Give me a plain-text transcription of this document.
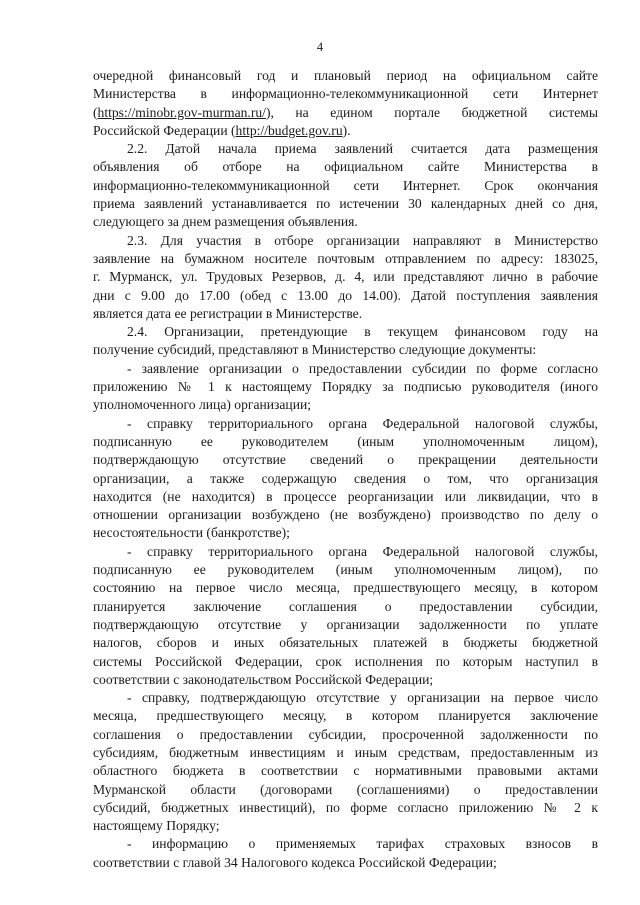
4
очередной финансовый год и плановый период на официальном сайте
Министерства в информационно-телекоммуникационной сети Интернет
(https://minobr.gov-murman.ru/), на едином портале бюджетной системы
Российской Федерации (http://budget.gov.ru).
2.2. Датой начала приема заявлений считается дата размещения
объявления об отборе на официальном сайте Министерства в
информационно-телекоммуникационной сети Интернет. Срок окончания
приема заявлений устанавливается по истечении 30 календарных дней со дня,
следующего за днем размещения объявления.
2.3. Для участия в отборе организации направляют в Министерство
заявление на бумажном носителе почтовым отправлением по адресу: 183025,
г. Мурманск, ул. Трудовых Резервов, д. 4, или представляют лично в рабочие
дни с 9.00 до 17.00 (обед с 13.00 до 14.00). Датой поступления заявления
является дата ее регистрации в Министерстве.
2.4. Организации, претендующие в текущем финансовом году на
получение субсидий, представляют в Министерство следующие документы:
- заявление организации о предоставлении субсидии по форме согласно
приложению № 1 к настоящему Порядку за подписью руководителя (иного
уполномоченного лица) организации;
- справку территориального органа Федеральной налоговой службы,
подписанную ее руководителем (иным уполномоченным лицом),
подтверждающую отсутствие сведений о прекращении деятельности
организации, а также содержащую сведения о том, что организация
находится (не находится) в процессе реорганизации или ликвидации, что в
отношении организации возбуждено (не возбуждено) производство по делу о
несостоятельности (банкротстве);
- справку территориального органа Федеральной налоговой службы,
подписанную ее руководителем (иным уполномоченным лицом), по
состоянию на первое число месяца, предшествующего месяцу, в котором
планируется заключение соглашения о предоставлении субсидии,
подтверждающую отсутствие у организации задолженности по уплате
налогов, сборов и иных обязательных платежей в бюджеты бюджетной
системы Российской Федерации, срок исполнения по которым наступил в
соответствии с законодательством Российской Федерации;
- справку, подтверждающую отсутствие у организации на первое число
месяца, предшествующего месяцу, в котором планируется заключение
соглашения о предоставлении субсидии, просроченной задолженности по
субсидиям, бюджетным инвестициям и иным средствам, предоставленным из
областного бюджета в соответствии с нормативными правовыми актами
Мурманской области (договорами (соглашениями) о предоставлении
субсидий, бюджетных инвестиций), по форме согласно приложению № 2 к
настоящему Порядку;
- информацию о применяемых тарифах страховых взносов в
соответствии с главой 34 Налогового кодекса Российской Федерации;
